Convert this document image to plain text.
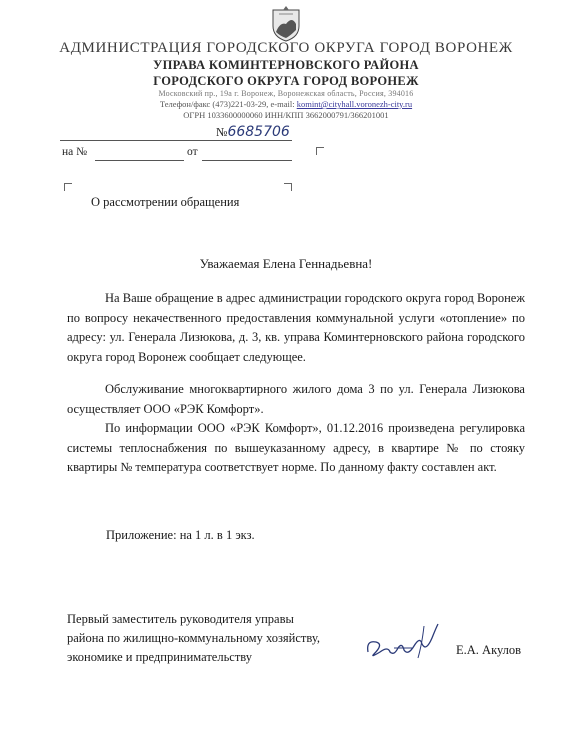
АДМИНИСТРАЦИЯ ГОРОДСКОГО ОКРУГА ГОРОД ВОРОНЕЖ
УПРАВА КОМИНТЕРНОВСКОГО РАЙОНА
ГОРОДСКОГО ОКРУГА ГОРОД ВОРОНЕЖ
Московский пр., 19а г. Воронеж, Воронежская область, Россия, 394016
Телефон/факс (473)221-03-29, e-mail: komint@cityhall.voronezh-city.ru
ОГРН 1033600000060 ИНН/КПП 3662000791/366201001
№6685706
на №	от
О рассмотрении обращения
Уважаемая Елена Геннадьевна!

На Ваше обращение в адрес администрации городского округа город Воронеж по вопросу некачественного предоставления коммунальной услуги «отопление» по адресу: ул. Генерала Лизюкова, д. 3, кв. управа Коминтерновского района городского округа город Воронеж сообщает следующее.

Обслуживание многоквартирного жилого дома 3 по ул. Генерала Лизюкова осуществляет ООО «РЭК Комфорт».

По информации ООО «РЭК Комфорт», 01.12.2016 произведена регулировка системы теплоснабжения по вышеуказанному адресу, в квартире № по стояку квартиры № температура соответствует норме. По данному факту составлен акт.

Приложение: на 1 л. в 1 экз.
Первый заместитель руководителя управы
района по жилищно-коммунальному хозяйству,
экономике и предпринимательству	Е.А. Акулов
